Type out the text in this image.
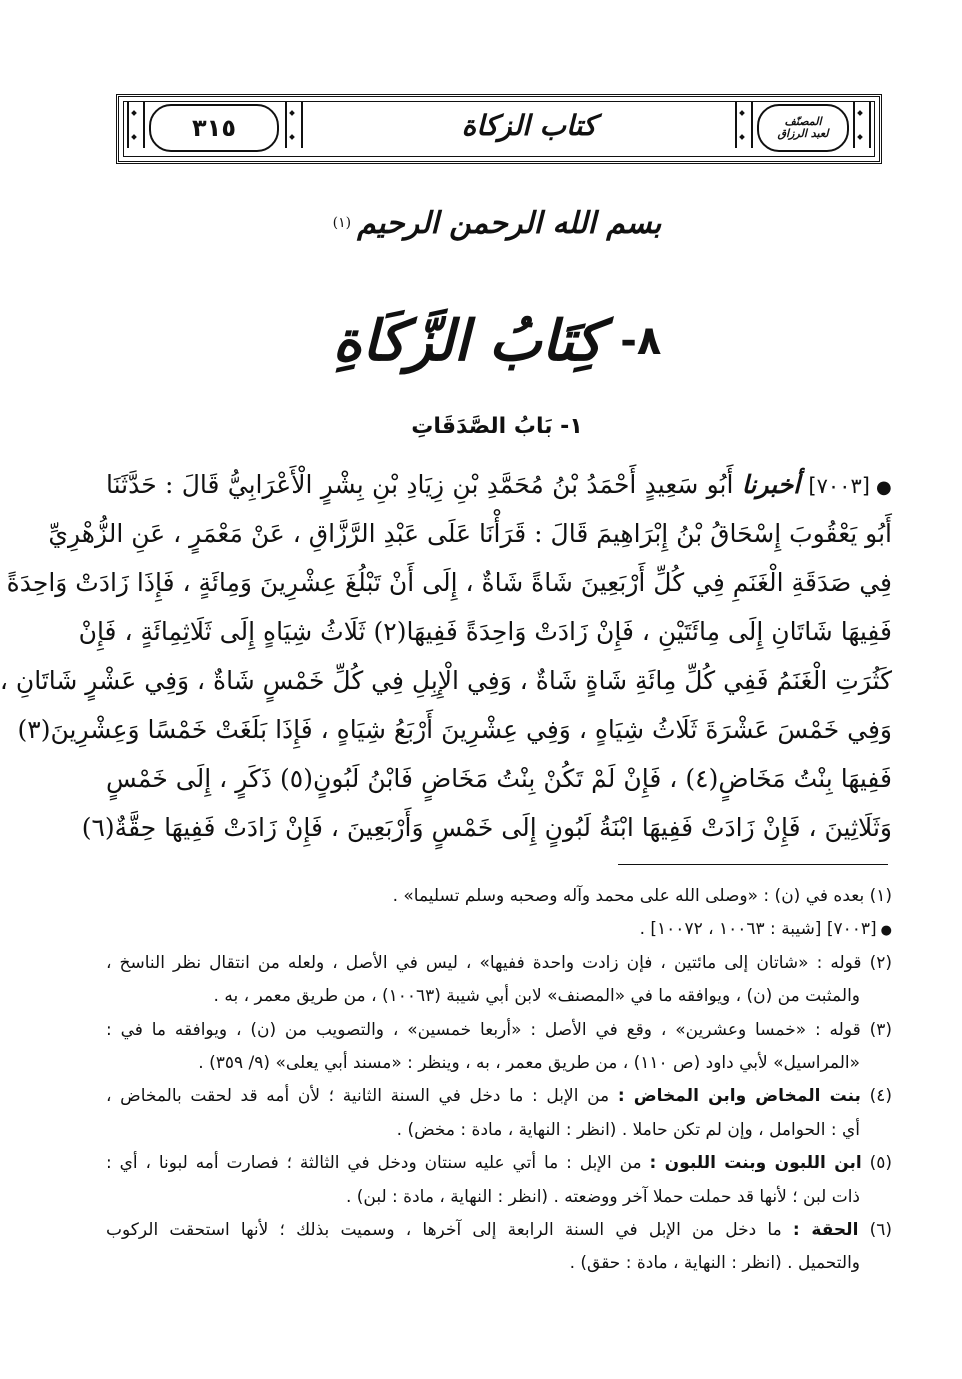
٣١٥	كتاب الزكاة	المصنّف
لعبد الرزاق
بسم الله الرحمن الرحيم
(١)
٨-
كِتَابُ الزَّكَاةِ
١- بَابُ الصَّدَقَاتِ
●[٧٠٠٣] أخبرنا أَبُو سَعِيدٍ أَحْمَدُ بْنُ مُحَمَّدِ بْنِ زِيَادِ بْنِ بِشْرٍ الْأَعْرَابِيُّ قَالَ : حَدَّثَنَا
أَبُو يَعْقُوبَ إِسْحَاقُ بْنُ إِبْرَاهِيمَ قَالَ : قَرَأْنَا عَلَى عَبْدِ الرَّزَّاقِ ، عَنْ مَعْمَرٍ ، عَنِ الزُّهْرِيِّ
فِي صَدَقَةِ الْغَنَمِ فِي كُلِّ أَرْبَعِينَ شَاةً شَاةٌ ، إِلَى أَنْ تَبْلُغَ عِشْرِينَ وَمِائَةٍ ، فَإِذَا زَادَتْ وَاحِدَةً
فَفِيهَا شَاتَانِ إِلَى مِائَتَيْنِ ، فَإِنْ زَادَتْ وَاحِدَةً فَفِيهَا(٢) ثَلَاثُ شِيَاهٍ إِلَى ثَلَاثِمِائَةٍ ، فَإِنْ
كَثُرَتِ الْغَنَمُ فَفِي كُلِّ مِائَةِ شَاةٍ شَاةٌ ، وَفِي الْإِبِلِ فِي كُلِّ خَمْسٍ شَاةٌ ، وَفِي عَشْرٍ شَاتَانِ ،
وَفِي خَمْسَ عَشْرَةَ ثَلَاثُ شِيَاهٍ ، وَفِي عِشْرِينَ أَرْبَعُ شِيَاهٍ ، فَإِذَا بَلَغَتْ خَمْسًا وَعِشْرِينَ(٣)
فَفِيهَا بِنْتُ مَخَاضٍ(٤) ، فَإِنْ لَمْ تَكُنْ بِنْتُ مَخَاضٍ فَابْنُ لَبُونٍ(٥) ذَكَرٍ ، إِلَى خَمْسٍ
وَثَلَاثِينَ ، فَإِنْ زَادَتْ فَفِيهَا ابْنَةُ لَبُونٍ إِلَى خَمْسٍ وَأَرْبَعِينَ ، فَإِنْ زَادَتْ فَفِيهَا حِقَّةٌ(٦)
(١) بعده في (ن) : «وصلى الله على محمد وآله وصحبه وسلم تسليما» .
●[٧٠٠٣] [شيبة : ١٠٠٦٣ ، ١٠٠٧٢] .
(٢) قوله : «شاتان إلى مائتين ، فإن زادت واحدة ففيها» ، ليس في الأصل ، ولعله من انتقال نظر الناسخ ،
والمثبت من (ن) ، ويوافقه ما في «المصنف» لابن أبي شيبة (١٠٠٦٣) ، من طريق معمر ، به .
(٣) قوله : «خمسا وعشرين» ، وقع في الأصل : «أربعا خمسين» ، والتصويب من (ن) ، ويوافقه ما في :
«المراسيل» لأبي داود (ص ١١٠) ، من طريق معمر ، به ، وينظر : «مسند أبي يعلى» (٩/ ٣٥٩) .
(٤) بنت المخاض وابن المخاض : من الإبل : ما دخل في السنة الثانية ؛ لأن أمه قد لحقت بالمخاض ،
أي : الحوامل ، وإن لم تكن حاملا . (انظر : النهاية ، مادة : مخض) .
(٥) ابن اللبون وبنت اللبون : من الإبل : ما أتي عليه سنتان ودخل في الثالثة ؛ فصارت أمه لبونا ، أي :
ذات لبن ؛ لأنها قد حملت حملا آخر ووضعته . (انظر : النهاية ، مادة : لبن) .
(٦) الحقة : ما دخل من الإبل في السنة الرابعة إلى آخرها ، وسميت بذلك ؛ لأنها استحقت الركوب
والتحميل . (انظر : النهاية ، مادة : حقق) .
